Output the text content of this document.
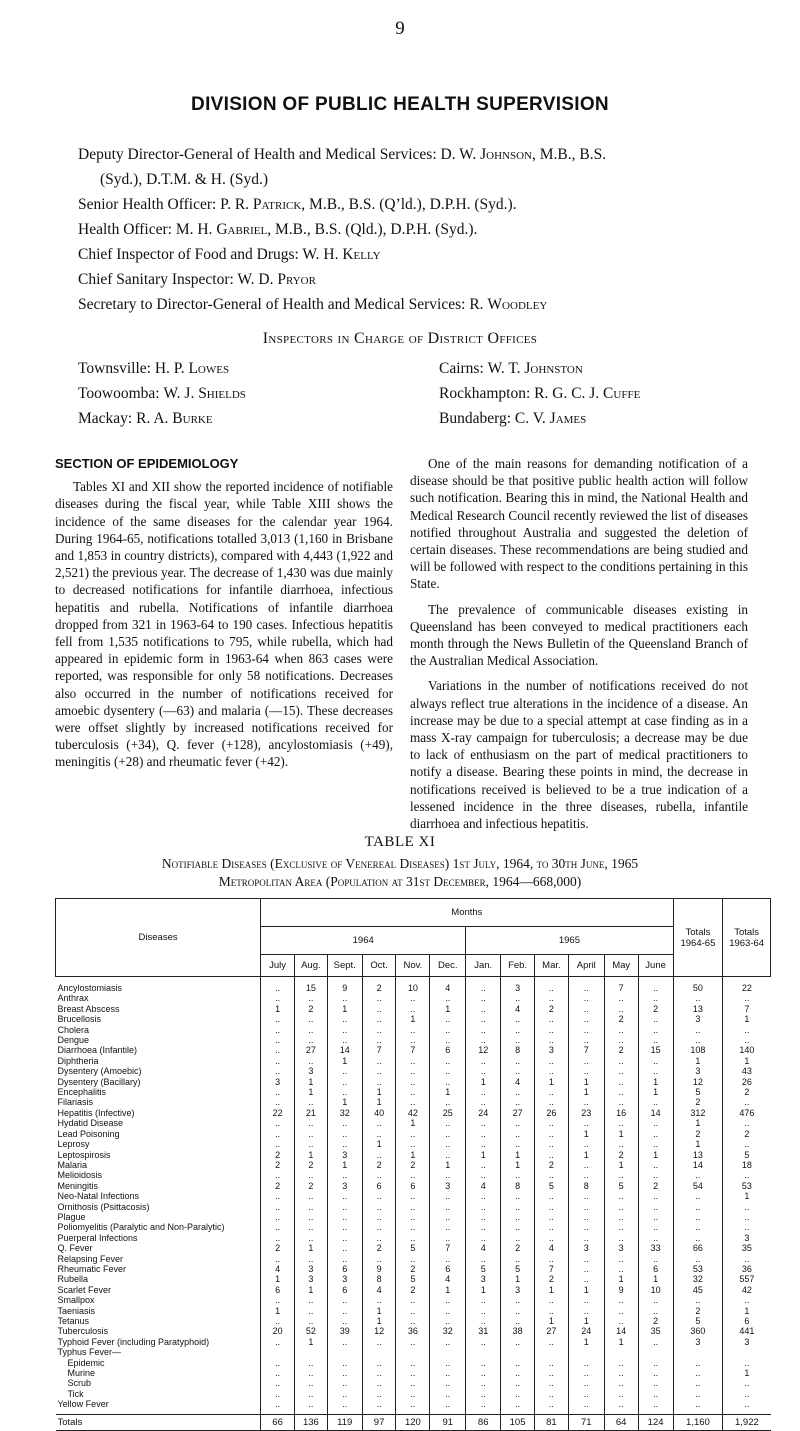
9
DIVISION OF PUBLIC HEALTH SUPERVISION
Deputy Director-General of Health and Medical Services: D. W. Johnson, M.B., B.S.
(Syd.), D.T.M. & H. (Syd.)
Senior Health Officer: P. R. Patrick, M.B., B.S. (Q’ld.), D.P.H. (Syd.).
Health Officer: M. H. Gabriel, M.B., B.S. (Qld.), D.P.H. (Syd.).
Chief Inspector of Food and Drugs: W. H. Kelly
Chief Sanitary Inspector: W. D. Pryor
Secretary to Director-General of Health and Medical Services: R. Woodley
Inspectors in Charge of District Offices
Townsville: H. P. Lowes	Cairns: W. T. Johnston
Toowoomba: W. J. Shields	Rockhampton: R. G. C. J. Cuffe
Mackay: R. A. Burke	Bundaberg: C. V. James
SECTION OF EPIDEMIOLOGY

Tables XI and XII show the reported incidence of notifiable diseases during the fiscal year, while Table XIII shows the incidence of the same diseases for the calendar year 1964. During 1964-65, notifications totalled 3,013 (1,160 in Brisbane and 1,853 in country districts), compared with 4,443 (1,922 and 2,521) the previous year. The decrease of 1,430 was due mainly to decreased notifications for infantile diarrhoea, infectious hepatitis and rubella. Notifications of infantile diarrhoea dropped from 321 in 1963-64 to 190 cases. Infectious hepatitis fell from 1,535 notifications to 795, while rubella, which had appeared in epidemic form in 1963-64 when 863 cases were reported, was responsible for only 58 notifications. Decreases also occurred in the number of notifications received for amoebic dysentery (—63) and malaria (—15). These decreases were offset slightly by increased notifications received for tuberculosis (+34), Q. fever (+128), ancylostomiasis (+49), meningitis (+28) and rheumatic fever (+42).

One of the main reasons for demanding notification of a disease should be that positive public health action will follow such notification. Bearing this in mind, the National Health and Medical Research Council recently reviewed the list of diseases notified throughout Australia and suggested the deletion of certain diseases. These recommendations are being studied and will be followed with respect to the conditions pertaining in this State.

The prevalence of communicable diseases existing in Queensland has been conveyed to medical practitioners each month through the News Bulletin of the Queensland Branch of the Australian Medical Association.

Variations in the number of notifications received do not always reflect true alterations in the incidence of a disease. An increase may be due to a special attempt at case finding as in a mass X-ray campaign for tuberculosis; a decrease may be due to lack of enthusiasm on the part of medical practitioners to notify a disease. Bearing these points in mind, the decrease in notifications received is believed to be a true indication of a lessened incidence in the three diseases, rubella, infantile diarrhoea and infectious hepatitis.

TABLE XI
Notifiable Diseases (Exclusive of Venereal Diseases) 1st July, 1964, to 30th June, 1965
Metropolitan Area (Population at 31st December, 1964—668,000)
Diseases	Months												Totals 1964-65	Totals 1963-64
	1964						1965							
	July	Aug.	Sept.	Oct.	Nov.	Dec.	Jan.	Feb.	Mar.	April	May	June		
Ancylostomiasis	..	15	9	2	10	4	..	3	..	..	7	..	50	22
Anthrax	..	..	..	..	..	..	..	..	..	..	..	..	..	..
Breast Abscess	1	2	1	..	..	1	..	4	2	..	..	2	13	7
Brucellosis	..	..	..	..	1	..	..	..	..	..	2	..	3	1
Cholera	..	..	..	..	..	..	..	..	..	..	..	..	..	..
Dengue	..	..	..	..	..	..	..	..	..	..	..	..	..	..
Diarrhoea (Infantile)	..	27	14	7	7	6	12	8	3	7	2	15	108	140
Diphtheria	..	..	1	..	..	..	..	..	..	..	..	..	1	1
Dysentery (Amoebic)	..	3	..	..	..	..	..	..	..	..	..	..	3	43
Dysentery (Bacillary)	3	1	..	..	..	..	1	4	1	1	..	1	12	26
Encephalitis	..	1	..	1	..	1	..	..	..	1	..	1	5	2
Filariasis	..	..	1	1	..	..	..	..	..	..	..	..	2	..
Hepatitis (Infective)	22	21	32	40	42	25	24	27	26	23	16	14	312	476
Hydatid Disease	..	..	..	..	1	..	..	..	..	..	..	..	1	..
Lead Poisoning	..	..	..	..	..	..	..	..	..	1	1	..	2	2
Leprosy	..	..	..	1	..	..	..	..	..	..	..	..	1	..
Leptospirosis	2	1	3	..	1	..	1	1	..	1	2	1	13	5
Malaria	2	2	1	2	2	1	..	1	2	..	1	..	14	18
Melioidosis	..	..	..	..	..	..	..	..	..	..	..	..	..	..
Meningitis	2	2	3	6	6	3	4	8	5	8	5	2	54	53
Neo-Natal Infections	..	..	..	..	..	..	..	..	..	..	..	..	..	1
Ornithosis (Psittacosis)	..	..	..	..	..	..	..	..	..	..	..	..	..	..
Plague	..	..	..	..	..	..	..	..	..	..	..	..	..	..
Poliomyelitis (Paralytic and Non-Paralytic)	..	..	..	..	..	..	..	..	..	..	..	..	..	..
Puerperal Infections	..	..	..	..	..	..	..	..	..	..	..	..	..	3
Q. Fever	2	1	..	2	5	7	4	2	4	3	3	33	66	35
Relapsing Fever	..	..	..	..	..	..	..	..	..	..	..	..	..	..
Rheumatic Fever	4	3	6	9	2	6	5	5	7	..	..	6	53	36
Rubella	1	3	3	8	5	4	3	1	2	..	1	1	32	557
Scarlet Fever	6	1	6	4	2	1	1	3	1	1	9	10	45	42
Smallpox	..	..	..	..	..	..	..	..	..	..	..	..	..	..
Taeniasis	1	..	..	1	..	..	..	..	..	..	..	..	2	1
Tetanus	..	..	..	1	..	..	..	..	1	1	..	2	5	6
Tuberculosis	20	52	39	12	36	32	31	38	27	24	14	35	360	441
Typhoid Fever (including Paratyphoid)	..	1	..	..	..	..	..	..	..	1	1	..	3	3
Typhus Fever—														
Epidemic	..	..	..	..	..	..	..	..	..	..	..	..	..	..
Murine	..	..	..	..	..	..	..	..	..	..	..	..	..	1
Scrub	..	..	..	..	..	..	..	..	..	..	..	..	..	..
Tick	..	..	..	..	..	..	..	..	..	..	..	..	..	..
Yellow Fever	..	..	..	..	..	..	..	..	..	..	..	..	..	..
Totals	66	136	119	97	120	91	86	105	81	71	64	124	1,160	1,922
